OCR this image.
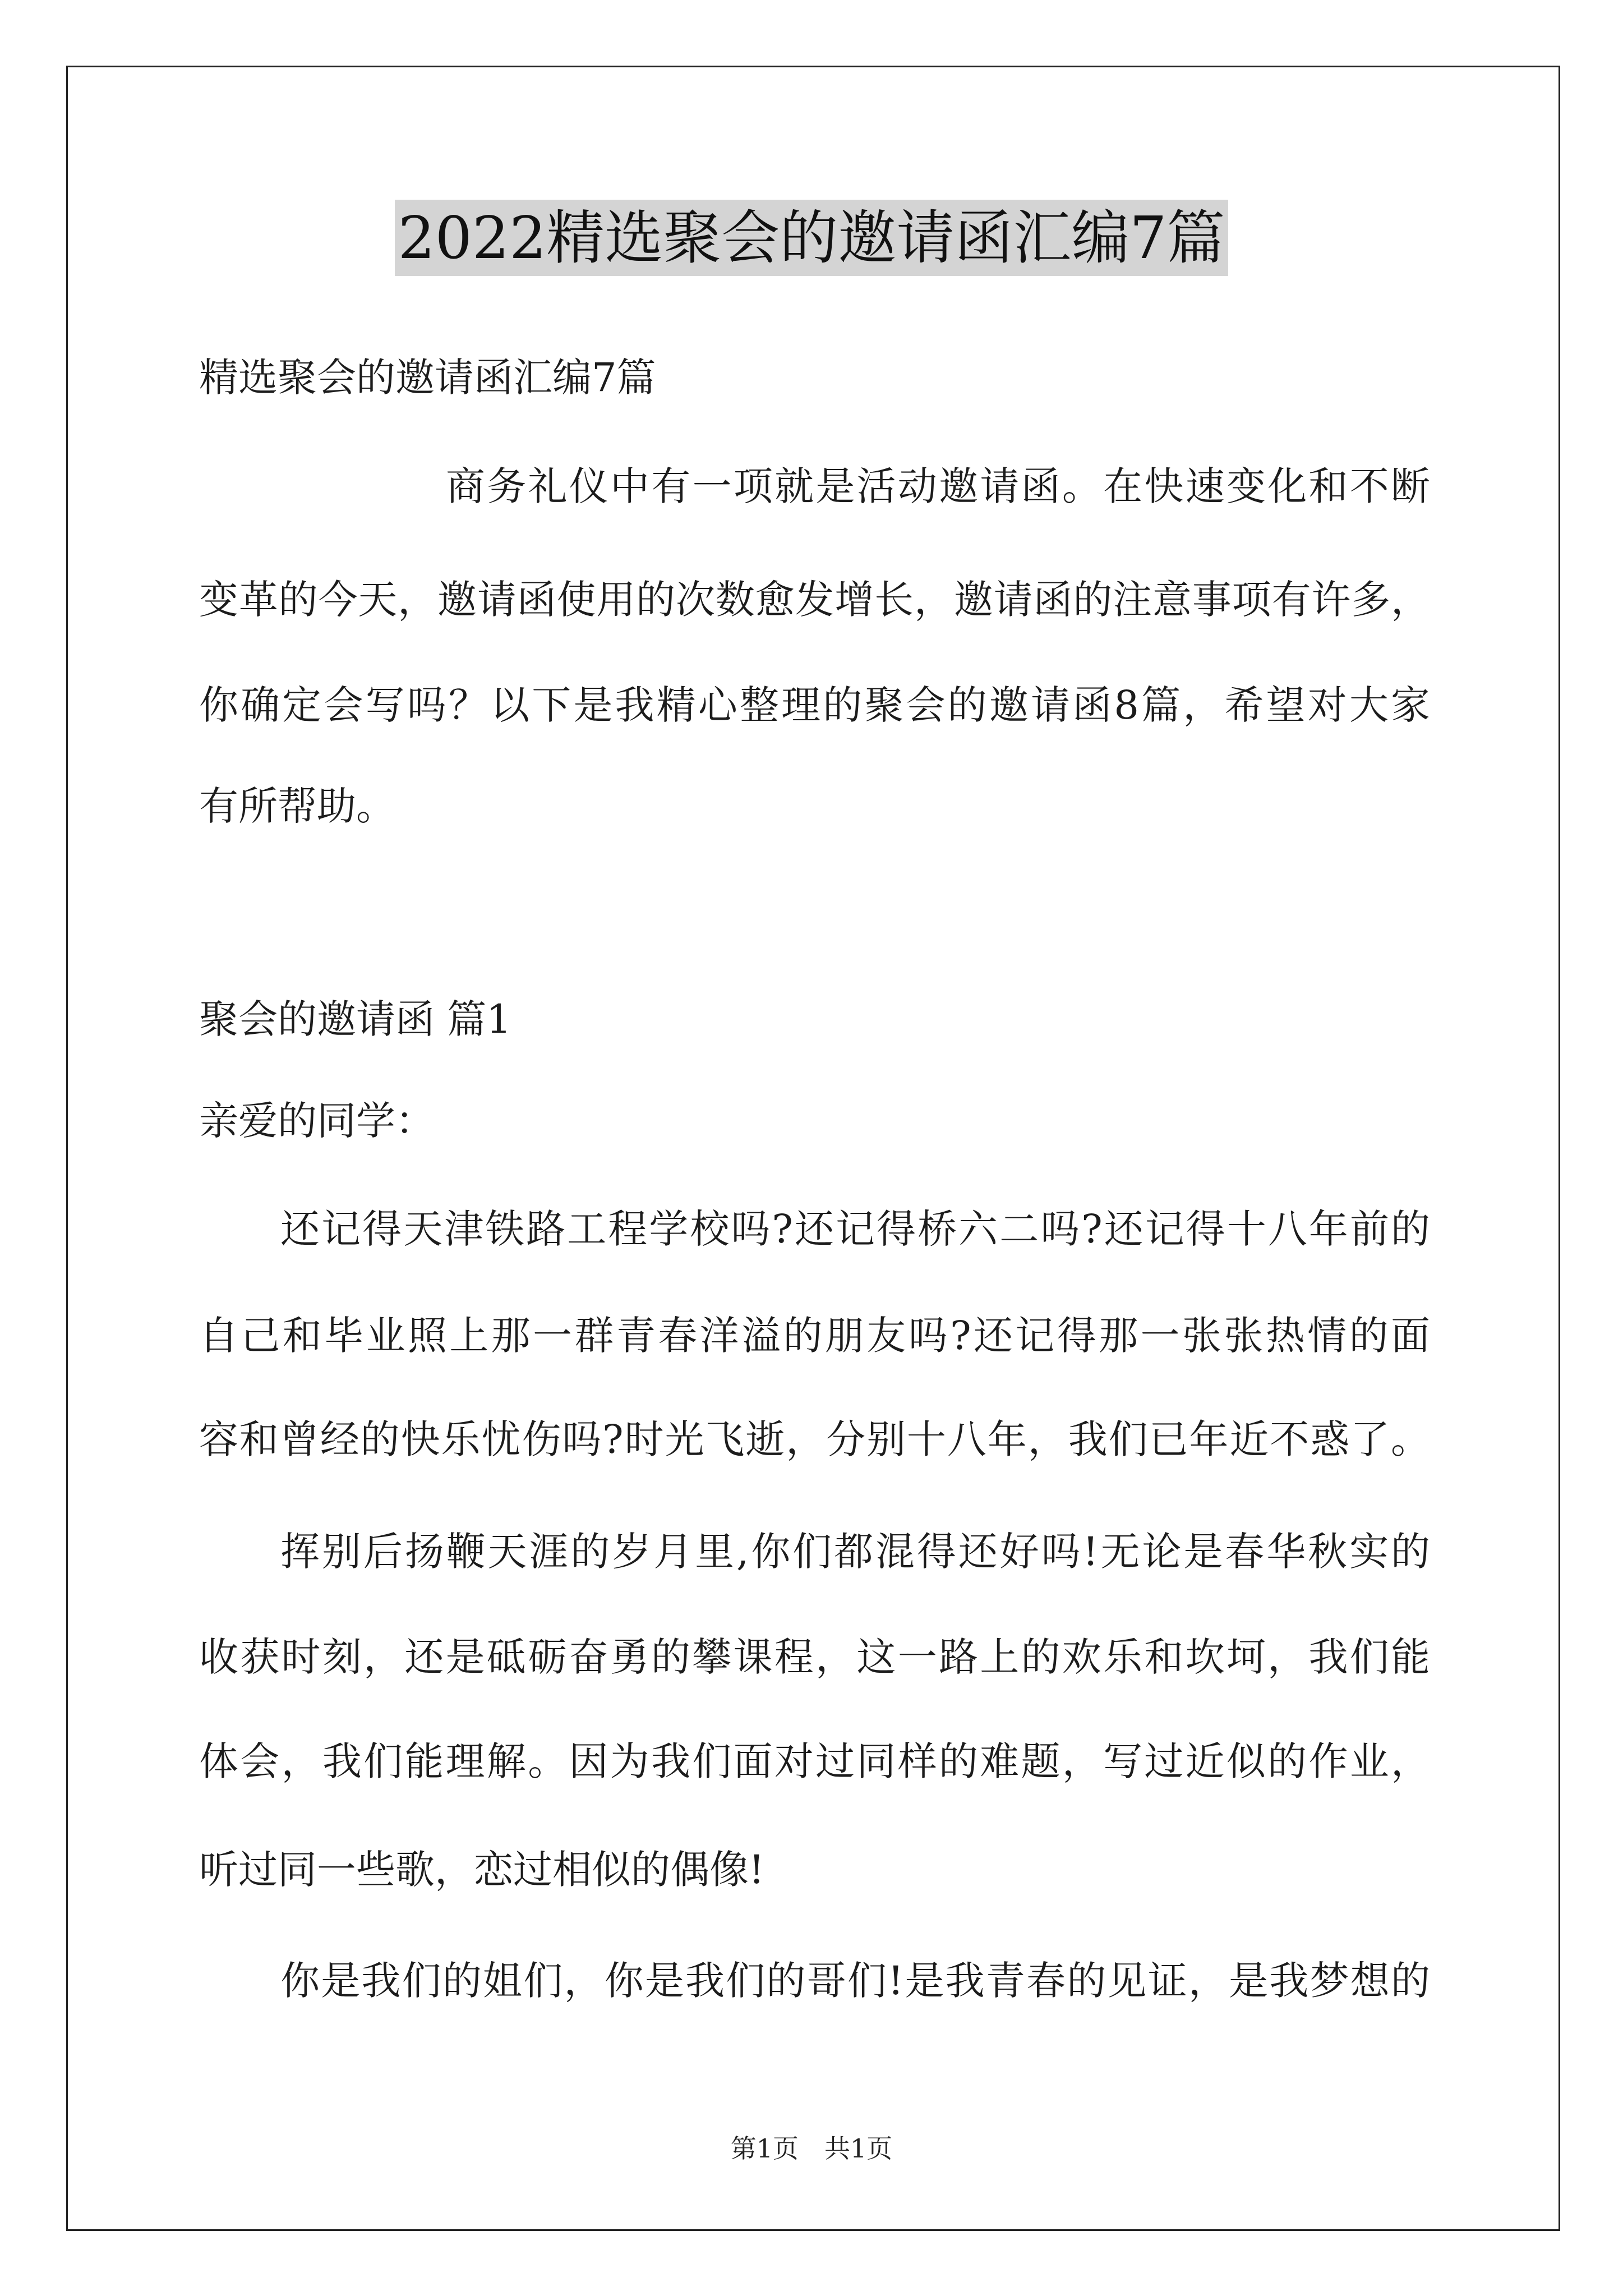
2022精选聚会的邀请函汇编7篇
精选聚会的邀请函汇编7篇
商务礼仪中有一项就是活动邀请函。在快速变化和不断
变革的今天，邀请函使用的次数愈发增长，邀请函的注意事项有许多，
你确定会写吗？以下是我精心整理的聚会的邀请函8篇，希望对大家
有所帮助。
聚会的邀请函 篇1
亲爱的同学：
还记得天津铁路工程学校吗?还记得桥六二吗?还记得十八年前的
自己和毕业照上那一群青春洋溢的朋友吗?还记得那一张张热情的面
容和曾经的快乐忧伤吗?时光飞逝，分别十八年，我们已年近不惑了。
挥别后扬鞭天涯的岁月里,你们都混得还好吗!无论是春华秋实的
收获时刻，还是砥砺奋勇的攀课程，这一路上的欢乐和坎坷，我们能
体会，我们能理解。因为我们面对过同样的难题，写过近似的作业，
听过同一些歌，恋过相似的偶像!
你是我们的姐们，你是我们的哥们!是我青春的见证，是我梦想的
第1页　共1页
